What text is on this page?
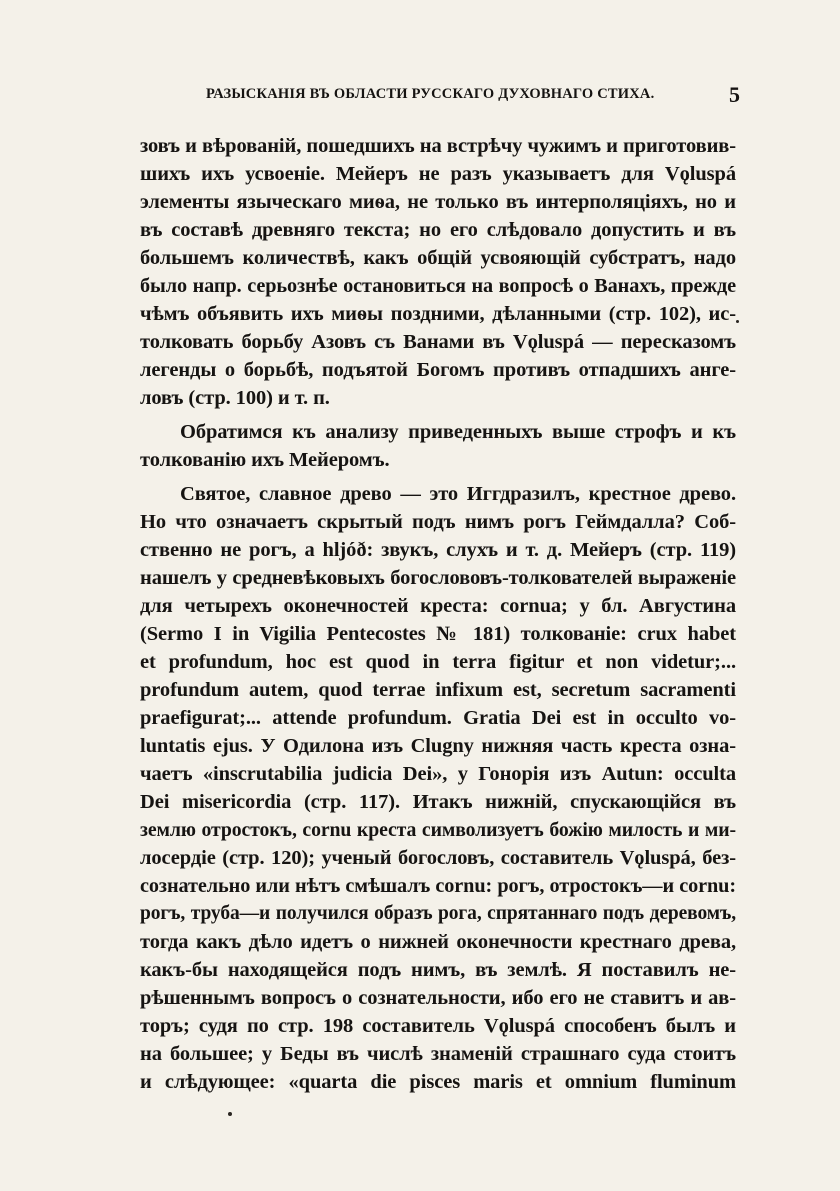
РАЗЫСКАНІЯ ВЪ ОБЛАСТИ РУССКАГО ДУХОВНАГО СТИХА.	5
зовъ и вѣрованій, пошедшихъ на встрѣчу чужимъ и приготовив-
шихъ ихъ усвоеніе. Мейеръ не разъ указываетъ для Vǫluspá
элементы языческаго миѳа, не только въ интерполяціяхъ, но и
въ составѣ древняго текста; но его слѣдовало допустить и въ
большемъ количествѣ, какъ общій усвояющій субстратъ, надо
было напр. серьознѣе остановиться на вопросѣ о Ванахъ, прежде
чѣмъ объявить ихъ миѳы поздними, дѣланными (стр. 102), ис-
толковать борьбу Азовъ съ Ванами въ Vǫluspá — пересказомъ
легенды о борьбѣ, подъятой Богомъ противъ отпадшихъ анге-
ловъ (стр. 100) и т. п.
Обратимся къ анализу приведенныхъ выше строфъ и къ
толкованію ихъ Мейеромъ.
Святое, славное древо — это Иггдразилъ, крестное древо.
Но что означаетъ скрытый подъ нимъ рогъ Геймдалла? Соб-
ственно не рогъ, а hljóð: звукъ, слухъ и т. д. Мейеръ (стр. 119)
нашелъ у средневѣковыхъ богослововъ-толкователей выраженіе
для четырехъ оконечностей креста: cornua; у бл. Августина
(Sermo I in Vigilia Pentecostes № 181) толкованіе: crux habet
et profundum, hoc est quod in terra figitur et non videtur;...
profundum autem, quod terrae infixum est, secretum sacramenti
praefigurat;... attende profundum. Gratia Dei est in occulto vo-
luntatis ejus. У Одилона изъ Clugny нижняя часть креста озна-
чаетъ «inscrutabilia judicia Dei», у Гонорія изъ Autun: occulta
Dei misericordia (стр. 117). Итакъ нижній, спускающійся въ
землю отростокъ, cornu креста символизуетъ божію милость и ми-
лосердіе (стр. 120); ученый богословъ, составитель Vǫluspá, без-
сознательно или нѣтъ смѣшалъ cornu: рогъ, отростокъ—и cornu:
рогъ, труба—и получился образъ рога, спрятаннаго подъ деревомъ,
тогда какъ дѣло идетъ о нижней оконечности крестнаго древа,
какъ-бы находящейся подъ нимъ, въ землѣ. Я поставилъ не-
рѣшеннымъ вопросъ о сознательности, ибо его не ставитъ и ав-
торъ; судя по стр. 198 составитель Vǫluspá способенъ былъ и
на большее; у Беды въ числѣ знаменій страшнаго суда стоитъ
и слѣдующее: «quarta die pisces maris et omnium fluminum
